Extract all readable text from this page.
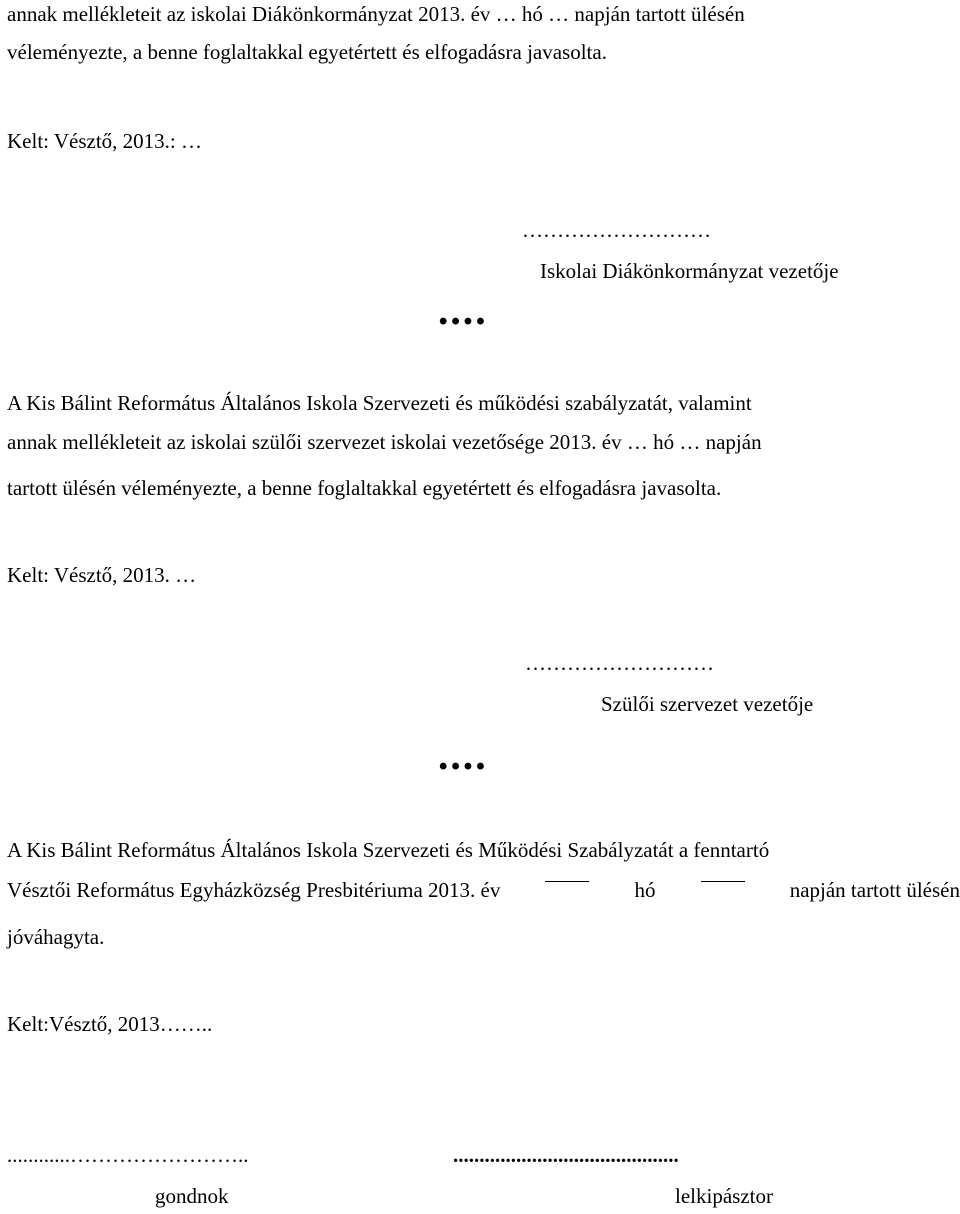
annak mellékleteit az iskolai Diákönkormányzat 2013. év … hó … napján tartott ülésén
véleményezte, a benne foglaltakkal egyetértett és elfogadásra javasolta.
Kelt: Vésztő, 2013.: …
………………………
Iskolai Diákönkormányzat vezetője
••••
A Kis Bálint Református Általános Iskola Szervezeti és működési szabályzatát, valamint
annak mellékleteit az iskolai szülői szervezet iskolai vezetősége 2013. év … hó … napján
tartott ülésén véleményezte, a benne foglaltakkal egyetértett és elfogadásra javasolta.
Kelt: Vésztő, 2013. …
………………………
Szülői szervezet vezetője
••••
A Kis Bálint Református Általános Iskola Szervezeti és Működési Szabályzatát a fenntartó
Vésztői Református Egyházközség Presbitériuma 2013. év	hó	napján tartott ülésén
jóváhagyta.
Kelt:Vésztő, 2013……..
............……………………..
gondnok
...........................................
lelkipásztor
